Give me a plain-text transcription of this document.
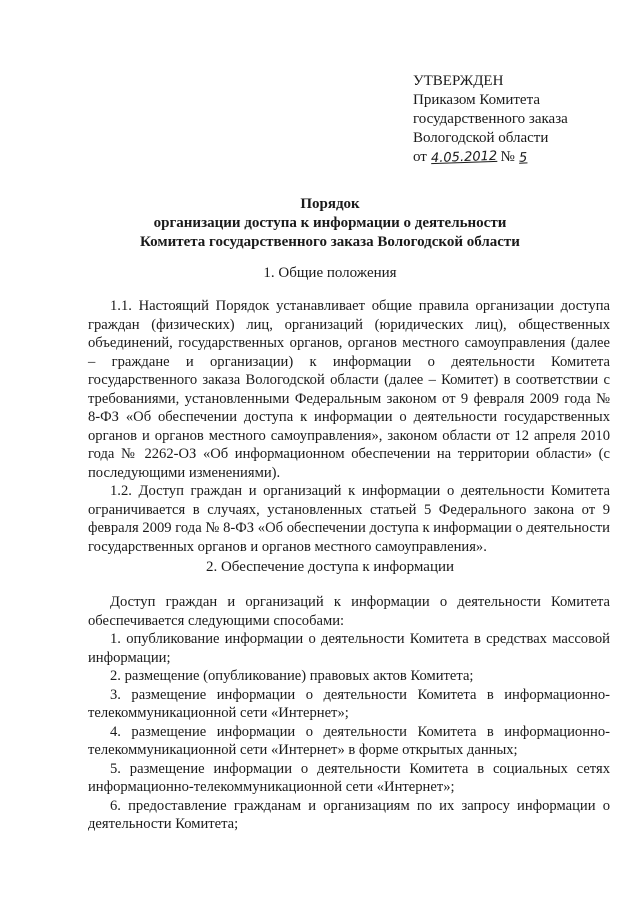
УТВЕРЖДЕН
Приказом Комитета
государственного заказа
Вологодской области
от 4.05.2012 № 5
Порядок
организации доступа к информации о деятельности
Комитета государственного заказа Вологодской области
1. Общие положения

1.1. Настоящий Порядок устанавливает общие правила организации доступа граждан (физических) лиц, организаций (юридических лиц), общественных объединений, государственных органов, органов местного самоуправления (далее – граждане и организации) к информации о деятельности Комитета государственного заказа Вологодской области (далее – Комитет) в соответствии с требованиями, установленными Федеральным законом от 9 февраля 2009 года № 8-ФЗ «Об обеспечении доступа к информации о деятельности государственных органов и органов местного самоуправления», законом области от 12 апреля 2010 года № 2262-ОЗ «Об информационном обеспечении на территории области» (с последующими изменениями).

1.2. Доступ граждан и организаций к информации о деятельности Комитета ограничивается в случаях, установленных статьей 5 Федерального закона от 9 февраля 2009 года № 8-ФЗ «Об обеспечении доступа к информации о деятельности государственных органов и органов местного самоуправления».

2. Обеспечение доступа к информации

Доступ граждан и организаций к информации о деятельности Комитета обеспечивается следующими способами:

1. опубликование информации о деятельности Комитета в средствах массовой информации;

2. размещение (опубликование) правовых актов Комитета;

3. размещение информации о деятельности Комитета в информационно-телекоммуникационной сети «Интернет»;

4. размещение информации о деятельности Комитета в информационно-телекоммуникационной сети «Интернет» в форме открытых данных;

5. размещение информации о деятельности Комитета в социальных сетях информационно-телекоммуникационной сети «Интернет»;

6. предоставление гражданам и организациям по их запросу информации о деятельности Комитета;
